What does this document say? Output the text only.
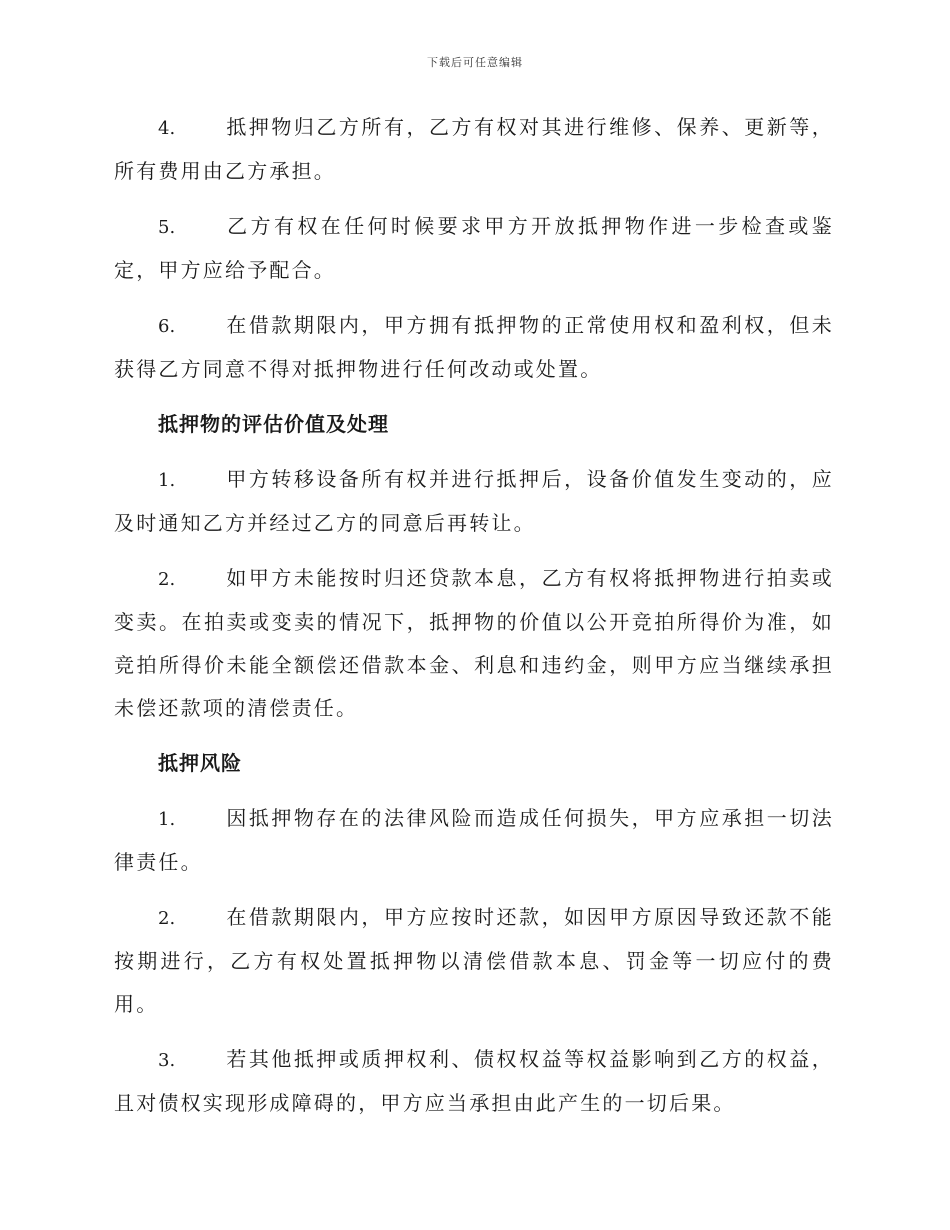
下载后可任意编辑

4.	抵押物归乙方所有，乙方有权对其进行维修、保养、更新等，所有费用由乙方承担。

5.	乙方有权在任何时候要求甲方开放抵押物作进一步检查或鉴定，甲方应给予配合。

6.	在借款期限内，甲方拥有抵押物的正常使用权和盈利权，但未获得乙方同意不得对抵押物进行任何改动或处置。

抵押物的评估价值及处理

1.	甲方转移设备所有权并进行抵押后，设备价值发生变动的，应及时通知乙方并经过乙方的同意后再转让。

2.	如甲方未能按时归还贷款本息，乙方有权将抵押物进行拍卖或变卖。在拍卖或变卖的情况下，抵押物的价值以公开竞拍所得价为准，如竞拍所得价未能全额偿还借款本金、利息和违约金，则甲方应当继续承担未偿还款项的清偿责任。

抵押风险

1.	因抵押物存在的法律风险而造成任何损失，甲方应承担一切法律责任。

2.	在借款期限内，甲方应按时还款，如因甲方原因导致还款不能按期进行，乙方有权处置抵押物以清偿借款本息、罚金等一切应付的费用。

3.	若其他抵押或质押权利、债权权益等权益影响到乙方的权益，且对债权实现形成障碍的，甲方应当承担由此产生的一切后果。
